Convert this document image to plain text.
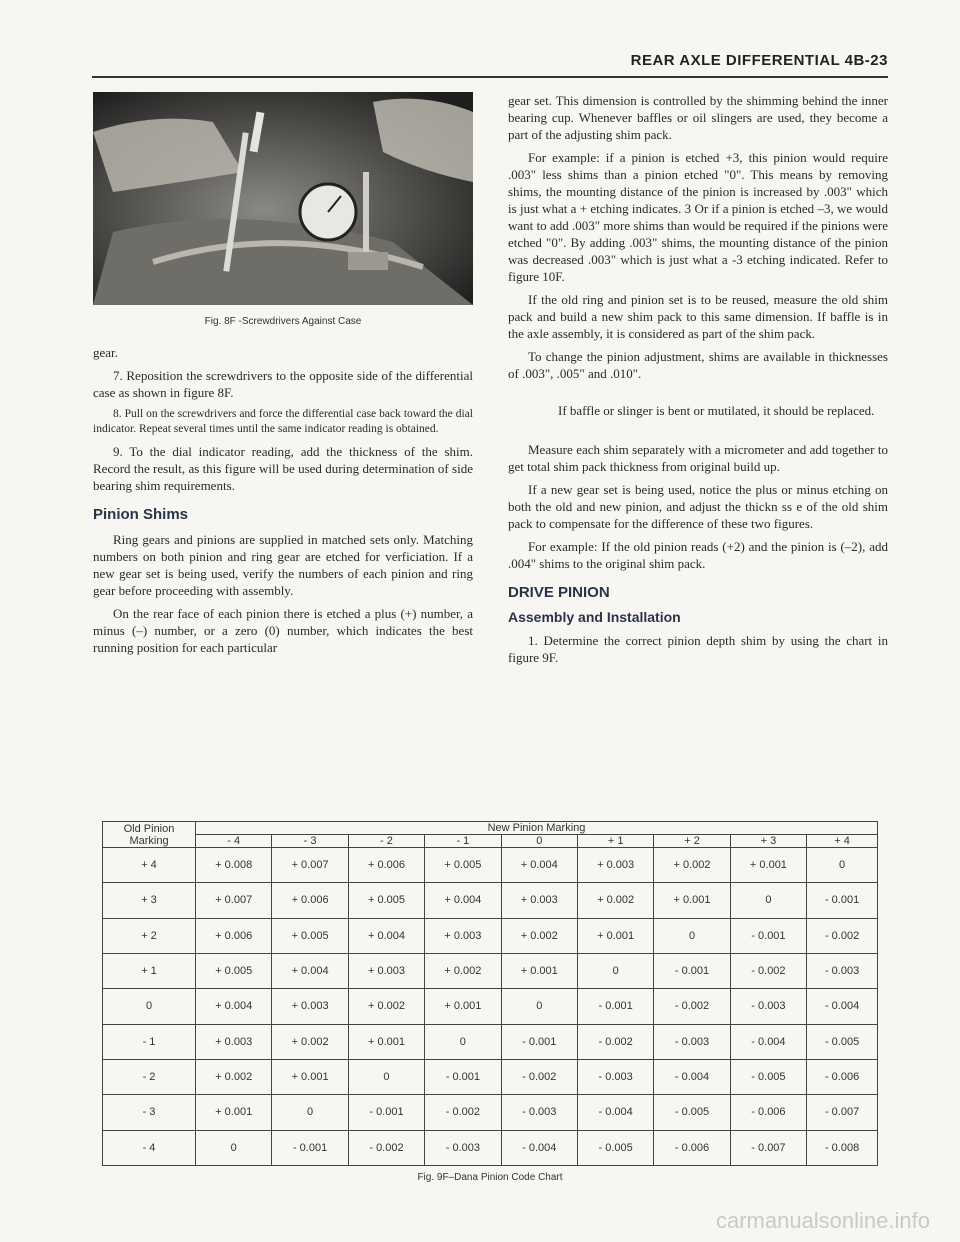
REAR AXLE DIFFERENTIAL 4B-23
Fig. 8F -Screwdrivers Against Case

gear.

7. Reposition the screwdrivers to the opposite side of the differential case as shown in figure 8F.

8. Pull on the screwdrivers and force the differential case back toward the dial indicator. Repeat several times until the same indicator reading is obtained.

9. To the dial indicator reading, add the thickness of the shim. Record the result, as this figure will be used during determination of side bearing shim requirements.

Pinion Shims

Ring gears and pinions are supplied in matched sets only. Matching numbers on both pinion and ring gear are etched for verficiation. If a new gear set is being used, verify the numbers of each pinion and ring gear before proceeding with assembly.

On the rear face of each pinion there is etched a plus (+) number, a minus (–) number, or a zero (0) number, which indicates the best running position for each particular

gear set. This dimension is controlled by the shimming behind the inner bearing cup. Whenever baffles or oil slingers are used, they become a part of the adjusting shim pack.

For example: if a pinion is etched +3, this pinion would require .003" less shims than a pinion etched "0". This means by removing shims, the mounting distance of the pinion is increased by .003" which is just what a + etching indicates. 3 Or if a pinion is etched –3, we would want to add .003" more shims than would be required if the pinions were etched "0". By adding .003" shims, the mounting distance of the pinion was decreased .003" which is just what a -3 etching indicated. Refer to figure 10F.

If the old ring and pinion set is to be reused, measure the old shim pack and build a new shim pack to this same dimension. If baffle is in the axle assembly, it is considered as part of the shim pack.

To change the pinion adjustment, shims are available in thicknesses of .003", .005" and .010".

If baffle or slinger is bent or mutilated, it should be replaced.

Measure each shim separately with a micrometer and add together to get total shim pack thickness from original build up.

If a new gear set is being used, notice the plus or minus etching on both the old and new pinion, and adjust the thickn ss e of the old shim pack to compensate for the difference of these two figures.

For example: If the old pinion reads (+2) and the pinion is (–2), add .004" shims to the original shim pack.

DRIVE PINION
Assembly and Installation

1. Determine the correct pinion depth shim by using the chart in figure 9F.

Old Pinion Marking	New Pinion Marking								
	- 4	- 3	- 2	- 1	0	+ 1	+ 2	+ 3	+ 4
+ 4	+ 0.008	+ 0.007	+ 0.006	+ 0.005	+ 0.004	+ 0.003	+ 0.002	+ 0.001	0
+ 3	+ 0.007	+ 0.006	+ 0.005	+ 0.004	+ 0.003	+ 0.002	+ 0.001	0	- 0.001
+ 2	+ 0.006	+ 0.005	+ 0.004	+ 0.003	+ 0.002	+ 0.001	0	- 0.001	- 0.002
+ 1	+ 0.005	+ 0.004	+ 0.003	+ 0.002	+ 0.001	0	- 0.001	- 0.002	- 0.003
0	+ 0.004	+ 0.003	+ 0.002	+ 0.001	0	- 0.001	- 0.002	- 0.003	- 0.004
- 1	+ 0.003	+ 0.002	+ 0.001	0	- 0.001	- 0.002	- 0.003	- 0.004	- 0.005
- 2	+ 0.002	+ 0.001	0	- 0.001	- 0.002	- 0.003	- 0.004	- 0.005	- 0.006
- 3	+ 0.001	0	- 0.001	- 0.002	- 0.003	- 0.004	- 0.005	- 0.006	- 0.007
- 4	0	- 0.001	- 0.002	- 0.003	- 0.004	- 0.005	- 0.006	- 0.007	- 0.008
Fig. 9F–Dana Pinion Code Chart
carmanualsonline.info
